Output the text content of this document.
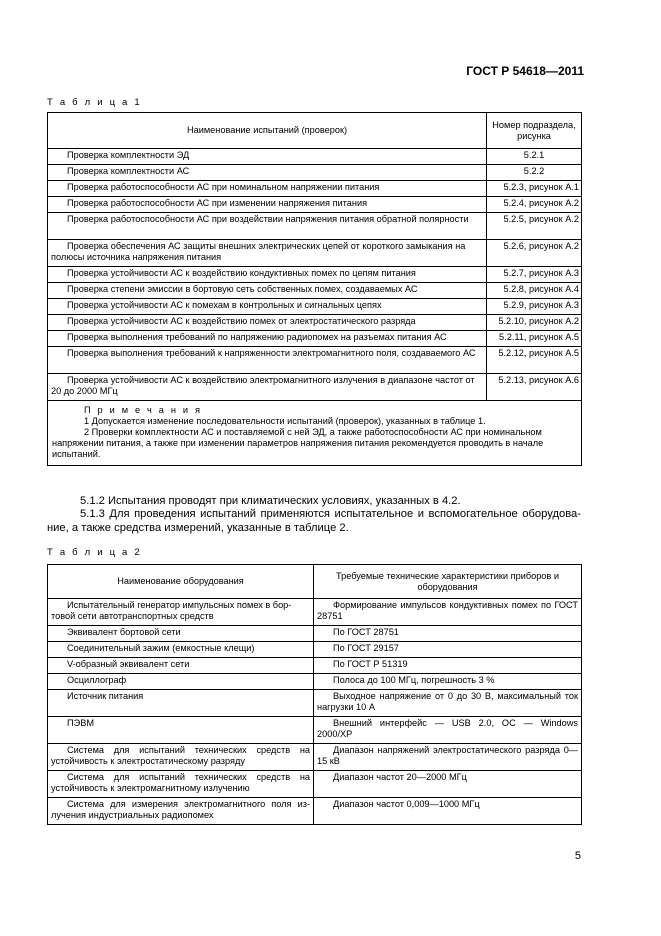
ГОСТ Р 54618—2011
Т а б л и ц а 1
Наименование испытаний (проверок)	Номер подраздела, рисунка
Проверка комплектности ЭД	5.2.1
Проверка комплектности АС	5.2.2
Проверка работоспособности АС при номинальном напряжении питания	5.2.3, рисунок А.1
Проверка работоспособности АС при изменении напряжения питания	5.2.4, рисунок А.2
Проверка работоспособности АС при воздействии напряжения питания обратной полярности	5.2.5, рисунок А.2
Проверка обеспечения АС защиты внешних электрических цепей от короткого замыкания на полюсы источника напряжения питания	5.2.6, рисунок А.2
Проверка устойчивости АС к воздействию кондуктивных помех по цепям питания	5.2.7, рисунок А.3
Проверка степени эмиссии в бортовую сеть собственных помех, создаваемых АС	5.2.8, рисунок А.4
Проверка устойчивости АС к помехам в контрольных и сигнальных цепях	5.2.9, рисунок А.3
Проверка устойчивости АС к воздействию помех от электростатического разряда	5.2.10, рисунок А.2
Проверка выполнения требований по напряжению радиопомех на разъемах питания АС	5.2.11, рисунок А.5
Проверка выполнения требований к напряженности электромагнитного поля, создаваемого АС	5.2.12, рисунок А.5
Проверка устойчивости АС к воздействию электромагнитного излучения в диапазоне частот от 20 до 2000 МГц	5.2.13, рисунок А.6

П р и м е ч а н и я
1 Допускается изменение последовательности испытаний (проверок), указанных в таблице 1.
2 Проверки комплектности АС и поставляемой с ней ЭД, а также работоспособности АС при номинальном напряжении питания, а также при изменении параметров напряжения питания рекомендуется проводить в начале испытаний.	
5.1.2 Испытания проводят при климатических условиях, указанных в 4.2.
5.1.3 Для проведения испытаний применяются испытательное и вспомогательное оборудование, а также средства измерений, указанные в таблице 2.
Т а б л и ц а 2
Наименование оборудования	Требуемые технические характеристики приборов и оборудования
Испытательный генератор импульсных помех в бортовой сети автотранспортных средств	Формирование импульсов кондуктивных помех по ГОСТ 28751
Эквивалент бортовой сети	По ГОСТ 28751
Соединительный зажим (емкостные клещи)	По ГОСТ 29157
V-образный эквивалент сети	По ГОСТ Р 51319
Осциллограф	Полоса до 100 МГц, погрешность 3 %
Источник питания	Выходное напряжение от 0 до 30 В, максимальный ток нагрузки 10 А
ПЭВМ	Внешний интерфейс — USB 2.0, ОС — Windows 2000/XP
Система для испытаний технических средств на устойчивость к электростатическому разряду	Диапазон напряжений электростатического разряда 0—15 кВ
Система для испытаний технических средств на устойчивость к электромагнитному излучению	Диапазон частот 20—2000 МГц
Система для измерения электромагнитного поля излучения индустриальных радиопомех	Диапазон частот 0,009—1000 МГц
5
